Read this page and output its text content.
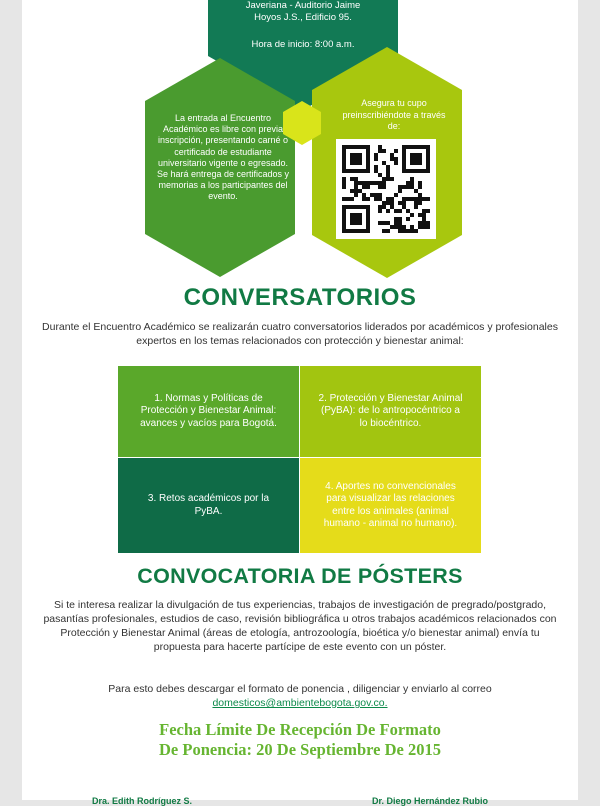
Javeriana - Auditorio Jaime
Hoyos J.S., Edificio 95.
Hora de inicio: 8:00 a.m.
La entrada al Encuentro Académico es libre con previa inscripción, presentando carné o certificado de estudiante universitario vigente o egresado. Se hará entrega de certificados y memorias a los participantes del evento.
Asegura tu cupo preinscribiéndote a través de:
CONVERSATORIOS
Durante el Encuentro Académico se realizarán cuatro conversatorios liderados por académicos y profesionales expertos en los temas relacionados con protección y bienestar animal:
1. Normas y Políticas de Protección y Bienestar Animal: avances y vacíos para Bogotá.
2. Protección y Bienestar Animal (PyBA): de lo antropocéntrico a lo biocéntrico.
3. Retos académicos por la PyBA.
4. Aportes no convencionales para visualizar las relaciones entre los animales (animal humano - animal no humano).
CONVOCATORIA DE PÓSTERS
Si te interesa realizar la divulgación de tus experiencias, trabajos de investigación de pregrado/postgrado, pasantías profesionales, estudios de caso, revisión bibliográfica u otros trabajos académicos relacionados con Protección y Bienestar Animal (áreas de etología, antrozoología, bioética y/o bienestar animal) envía tu propuesta para hacerte partícipe de este evento con un póster.
Para esto debes descargar el formato de ponencia , diligenciar y enviarlo al correo
domesticos@ambientebogota.gov.co.
Fecha Límite De Recepción De Formato
De Ponencia: 20 De Septiembre De 2015
Dra. Edith Rodríguez S.	Dr. Diego Hernández Rubio
